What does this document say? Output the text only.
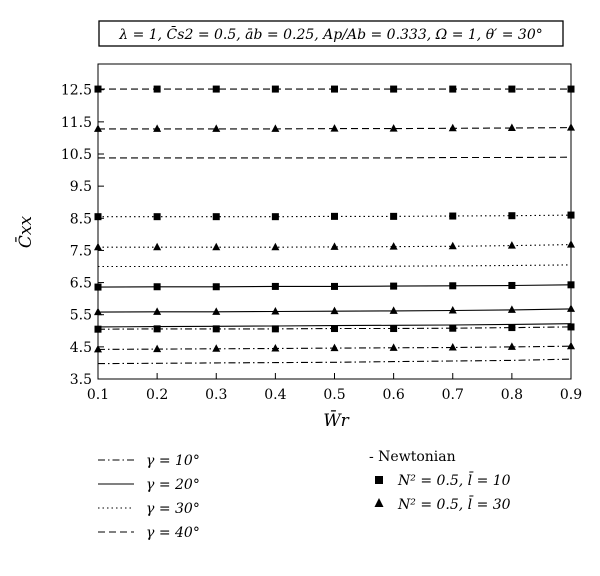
λ = 1, C̄s2 = 0.5, āb = 0.25, Ap/Ab = 0.333, Ω = 1, θ′ = 30°
3.5
4.5
5.5
6.5
7.5
8.5
9.5
10.5
11.5
12.5
0.1	0.2	0.3	0.4	0.5	0.6	0.7	0.8	0.9
W̄r
C̄xx
γ = 10°
γ = 20°
γ = 30°
γ = 40°
- Newtonian
N² = 0.5, l̄ = 10
N² = 0.5, l̄ = 30
